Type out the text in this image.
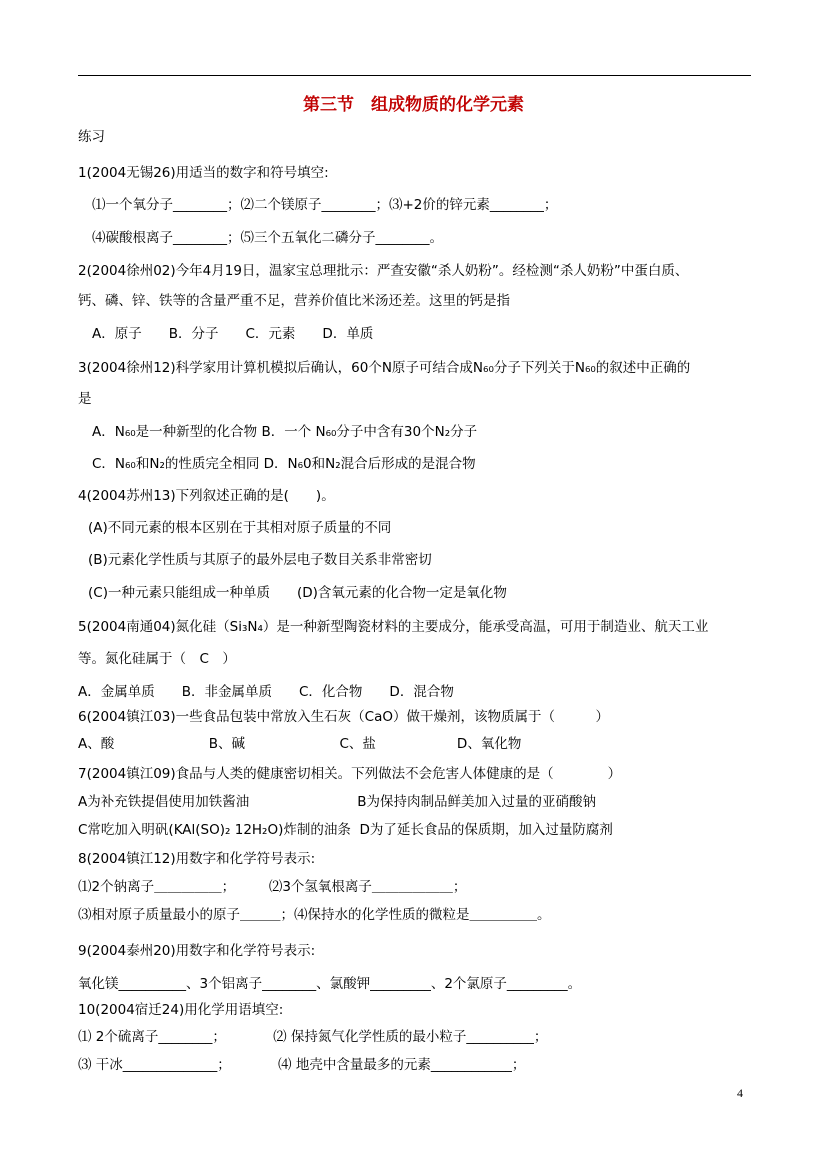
第三节　组成物质的化学元素
练习
1(2004无锡26)用适当的数字和符号填空:
⑴一个氧分子________；⑵二个镁原子________；⑶+2价的锌元素________；
⑷碳酸根离子________；⑸三个五氧化二磷分子________。
2(2004徐州02)今年4月19日，温家宝总理批示：严查安徽“杀人奶粉”。经检测“杀人奶粉”中蛋白质、
钙、磷、锌、铁等的含量严重不足，营养价值比米汤还差。这里的钙是指
A．原子　　B．分子　　C．元素　　D．单质
3(2004徐州12)科学家用计算机模拟后确认，60个N原子可结合成N₆₀分子下列关于N₆₀的叙述中正确的
是
A．N₆₀是一种新型的化合物 B．一个 N₆₀分子中含有30个N₂分子
C．N₆₀和N₂的性质完全相同 D．N₆0和N₂混合后形成的是混合物
4(2004苏州13)下列叙述正确的是(　　)。
(A)不同元素的根本区别在于其相对原子质量的不同
(B)元素化学性质与其原子的最外层电子数目关系非常密切
(C)一种元素只能组成一种单质　　(D)含氧元素的化合物一定是氧化物
5(2004南通04)氮化硅（Si₃N₄）是一种新型陶瓷材料的主要成分，能承受高温，可用于制造业、航天工业
等。氮化硅属于（　C　）
A．金属单质　　B．非金属单质　　C．化合物　　D．混合物
6(2004镇江03)一些食品包装中常放入生石灰（CaO）做干燥剂，该物质属于（　　　）
A、酸　　　　　　　B、碱　　　　　　　C、盐　　　　　　D、氧化物
7(2004镇江09)食品与人类的健康密切相关。下列做法不会危害人体健康的是（　　　　）
A为补充铁提倡使用加铁酱油　　　　　　　　B为保持肉制品鲜美加入过量的亚硝酸钠
C常吃加入明矾(KAl(SO)₂ 12H₂O)炸制的油条  D为了延长食品的保质期，加入过量防腐剂
8(2004镇江12)用数字和化学符号表示:
⑴2个钠离子＿＿＿＿＿；　　　⑵3个氢氧根离子＿＿＿＿＿＿；
⑶相对原子质量最小的原子＿＿＿；⑷保持水的化学性质的微粒是＿＿＿＿＿。
9(2004泰州20)用数字和化学符号表示:
氧化镁__________、3个铝离子________、氯酸钾_________、2个氯原子_________。
10(2004宿迁24)用化学用语填空:
⑴ 2个硫离子________；　　　　⑵ 保持氮气化学性质的最小粒子__________；
⑶ 干冰______________；　　　　⑷ 地壳中含量最多的元素____________；
4
